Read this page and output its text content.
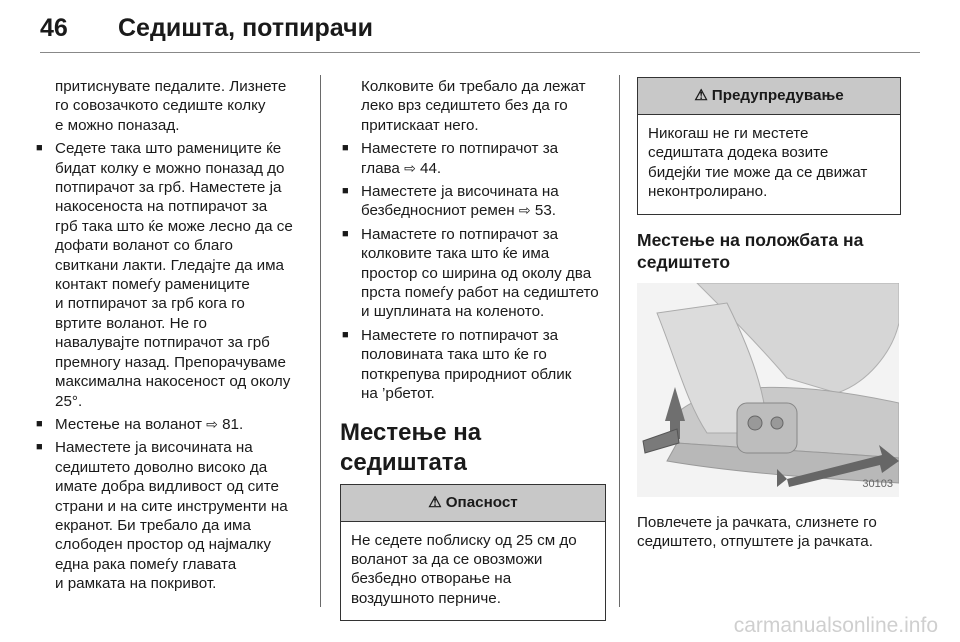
46 Седишта, потпирачи

притиснувате педалите. Лизнете
го совозачкото седиште колку
е можно поназад.

■ Седете така што рамениците ќе
бидат колку е можно поназад до
потпирачот за грб. Наместете ја
накосеноста на потпирачот за
грб така што ќе може лесно да се
дофати воланот со благо
свиткани лакти. Гледајте да има
контакт помеѓу рамениците
и потпирачот за грб кога го
вртите воланот. Не го
навалувајте потпирачот за грб
премногу назад. Препорачуваме
максимална накосеност од околу
25°.

■ Местење на воланот ⇨ 81.

■ Наместете ја височината на
седиштето доволно високо да
имате добра видливост од сите
страни и на сите инструменти на
екранот. Би требало да има
слободен простор од најмалку
една рака помеѓу главата
и рамката на покривот.

Колковите би требало да лежат
леко врз седиштето без да го
притискаат него.

■ Наместете го потпирачот за
глава ⇨ 44.

■ Наместете ја височината на
безбедносниот ремен ⇨ 53.

■ Намастете го потпирачот за
колковите така што ќе има
простор со ширина од околу два
прста помеѓу работ на седиштето
и шуплината на коленото.

■ Наместете го потпирачот за
половината така што ќе го
поткрепува природниот облик
на ’рбетот.

Местење на седиштата

⚠ Опасност
Не седете поблиску од 25 см до
воланот за да се овозможи
безбедно отворање на
воздушното перниче.
⚠ Предупредување
Никогаш не ги местете
седиштата додека возите
бидејќи тие може да се движат
неконтролирано.

Местење на положбата на
седиштето

30103

Повлечете ја рачката, слизнете го
седиштето, отпуштете ја рачката.

carmanualsonline.info
